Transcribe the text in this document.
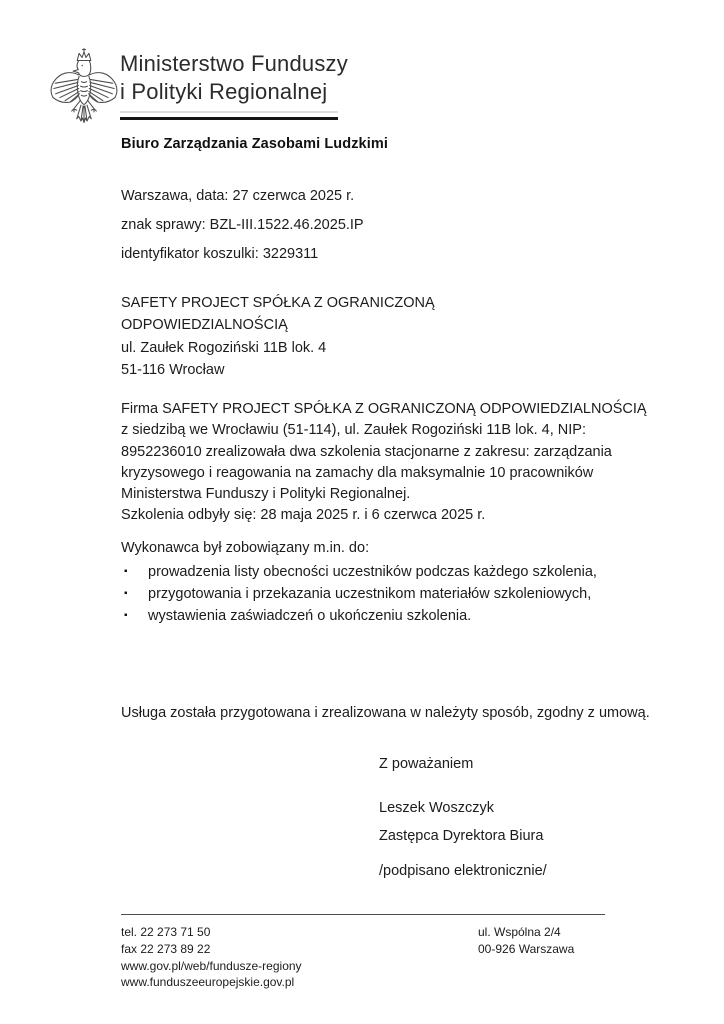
Ministerstwo Funduszy
i Polityki Regionalnej
Biuro Zarządzania Zasobami Ludzkimi

Warszawa, data: 27 czerwca 2025 r.

znak sprawy: BZL-III.1522.46.2025.IP

identyfikator koszulki: 3229311

SAFETY PROJECT SPÓŁKA Z OGRANICZONĄ
ODPOWIEDZIALNOŚCIĄ
ul. Zaułek Rogoziński 11B lok. 4
51-116 Wrocław
Firma SAFETY PROJECT SPÓŁKA Z OGRANICZONĄ ODPOWIEDZIALNOŚCIĄ
z siedzibą we Wrocławiu (51-114), ul. Zaułek Rogoziński 11B lok. 4, NIP:
8952236010 zrealizowała dwa szkolenia stacjonarne z zakresu: zarządzania
kryzysowego i reagowania na zamachy dla maksymalnie 10 pracowników
Ministerstwa Funduszy i Polityki Regionalnej.
Szkolenia odbyły się: 28 maja 2025 r. i 6 czerwca 2025 r.
Wykonawca był zobowiązany m.in. do:
▪	prowadzenia listy obecności uczestników podczas każdego szkolenia,
▪	przygotowania i przekazania uczestnikom materiałów szkoleniowych,
▪	wystawienia zaświadczeń o ukończeniu szkolenia.
Usługa została przygotowana i zrealizowana w należyty sposób, zgodny z umową.

Z poważaniem

Leszek Woszczyk

Zastępca Dyrektora Biura

/podpisano elektronicznie/

tel. 22 273 71 50
fax 22 273 89 22
www.gov.pl/web/fundusze-regiony
www.funduszeeuropejskie.gov.pl
ul. Wspólna 2/4
00-926 Warszawa
